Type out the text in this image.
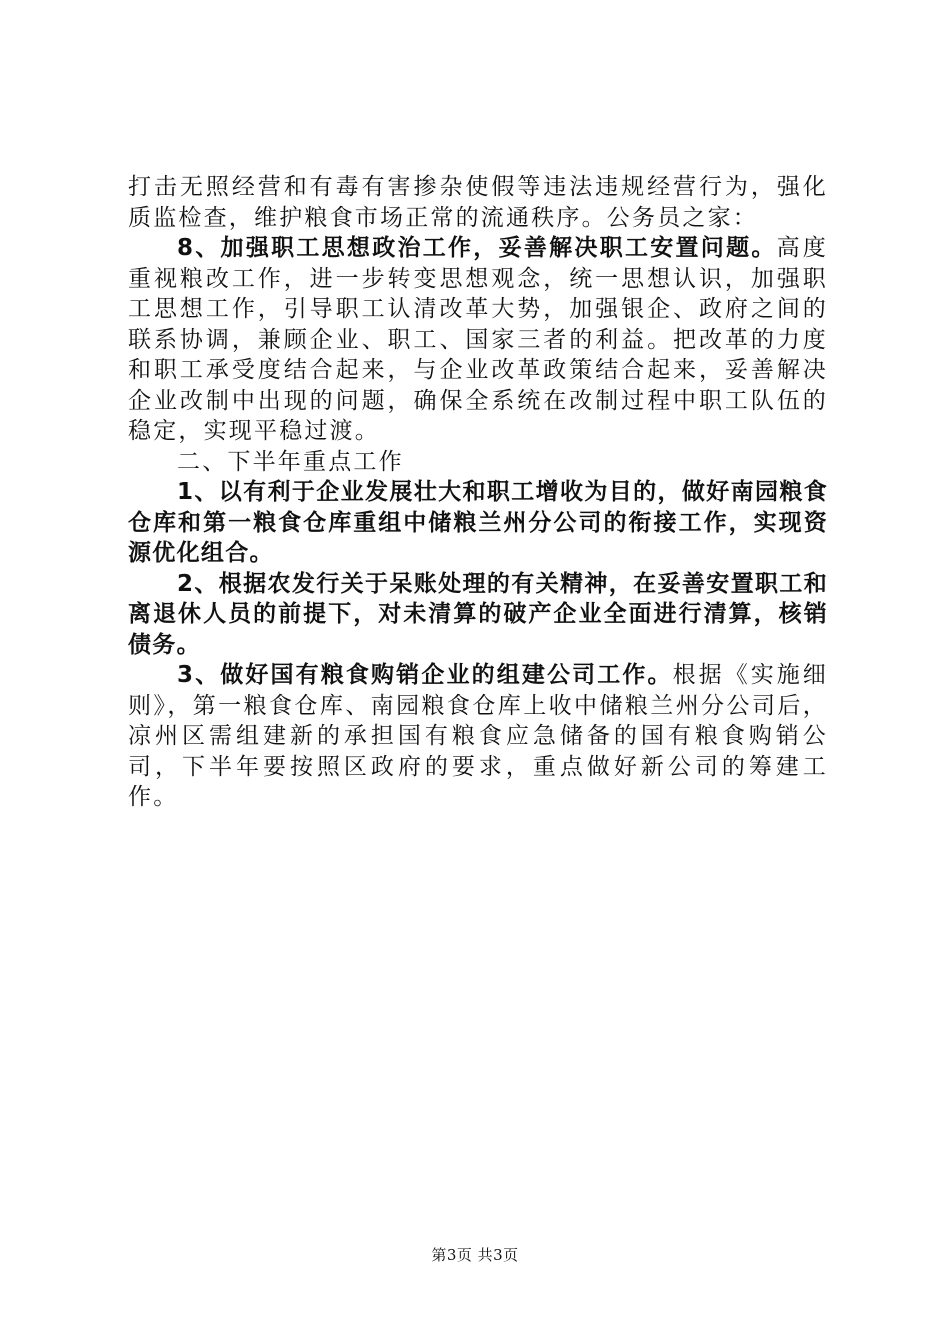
打击无照经营和有毒有害掺杂使假等违法违规经营行为，强化质监检查，维护粮食市场正常的流通秩序。公务员之家：

8、加强职工思想政治工作，妥善解决职工安置问题。高度重视粮改工作，进一步转变思想观念，统一思想认识，加强职工思想工作，引导职工认清改革大势，加强银企、政府之间的联系协调，兼顾企业、职工、国家三者的利益。把改革的力度和职工承受度结合起来，与企业改革政策结合起来，妥善解决企业改制中出现的问题，确保全系统在改制过程中职工队伍的稳定，实现平稳过渡。

二、下半年重点工作

1、以有利于企业发展壮大和职工增收为目的，做好南园粮食仓库和第一粮食仓库重组中储粮兰州分公司的衔接工作，实现资源优化组合。

2、根据农发行关于呆账处理的有关精神，在妥善安置职工和离退休人员的前提下，对未清算的破产企业全面进行清算，核销债务。

3、做好国有粮食购销企业的组建公司工作。根据《实施细则》，第一粮食仓库、南园粮食仓库上收中储粮兰州分公司后，凉州区需组建新的承担国有粮食应急储备的国有粮食购销公司，下半年要按照区政府的要求，重点做好新公司的筹建工作。

第3页 共3页
